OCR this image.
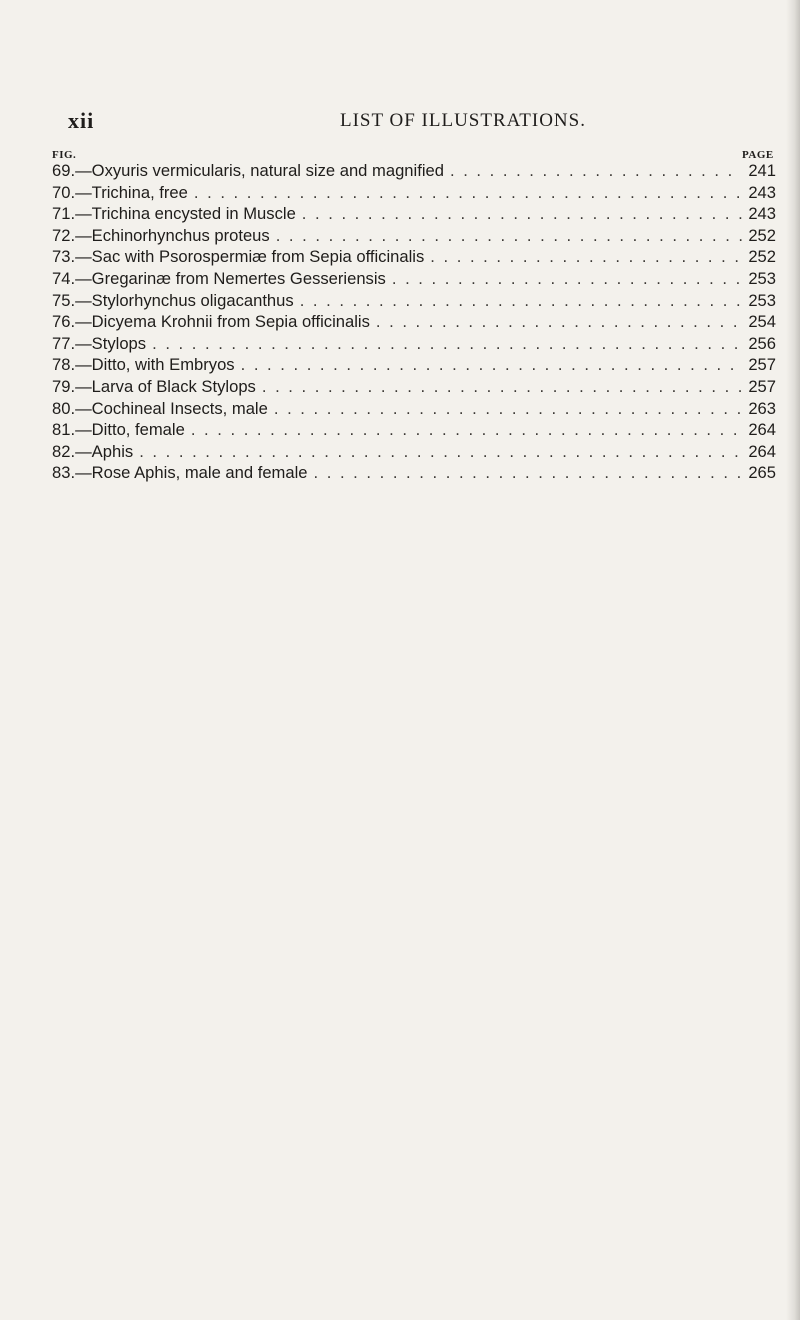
xii	LIST OF ILLUSTRATIONS.
FIG.	PAGE
69. —Oxyuris vermicularis, natural size and magnified . . .	241
70. —Trichina, free . . .	243
71. —Trichina encysted in Muscle . . .	243
72. —Echinorhynchus proteus . . .	252
73. —Sac with Psorospermiæ from Sepia officinalis . . .	252
74. —Gregarinæ from Nemertes Gesseriensis . . .	253
75. —Stylorhynchus oligacanthus . . .	253
76. —Dicyema Krohnii from Sepia officinalis . . .	254
77. —Stylops . . .	256
78. —Ditto, with Embryos . . .	257
79. —Larva of Black Stylops . . .	257
80. —Cochineal Insects, male . . .	263
81. —Ditto, female . . .	264
82. —Aphis . . .	264
83. —Rose Aphis, male and female . . .	265
